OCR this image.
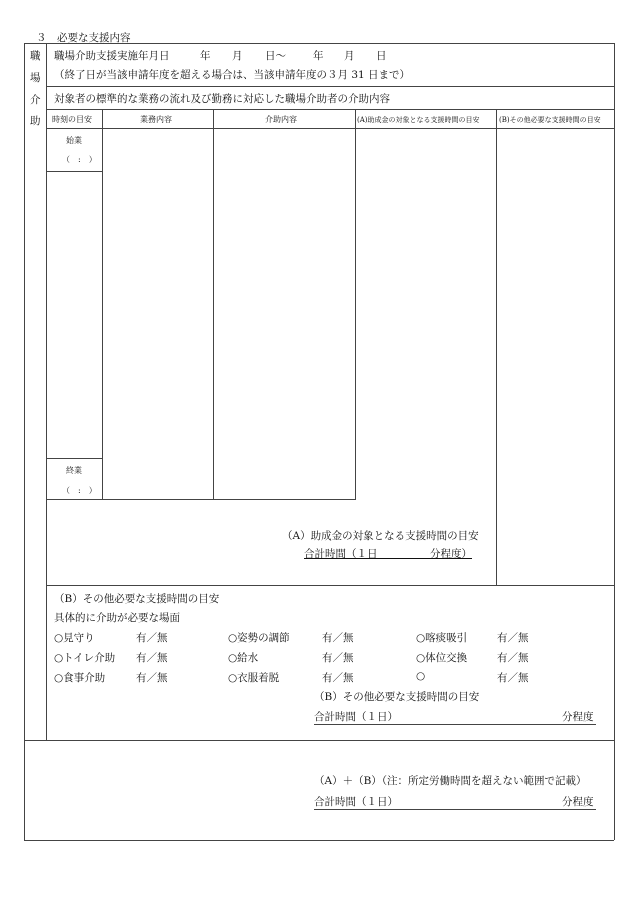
３　必要な支援内容
職
場
介
助
職場介助支援実施年月日	年 月 日〜	年 月 日
（終了日が当該申請年度を超える場合は、当該申請年度の３月 31 日まで）
対象者の標準的な業務の流れ及び勤務に対応した職場介助者の介助内容
時刻の目安	業務内容	介助内容	(A)助成金の対象となる支援時間の目安	(B)その他必要な支援時間の目安
始業
（　:　）
終業
（　:　）
（A）助成金の対象となる支援時間の目安
合計時間（１日　　　　　分程度）
（B）その他必要な支援時間の目安
具体的に介助が必要な場面
○見守り	有／無	○姿勢の調節	有／無	○喀痰吸引	有／無
○トイレ介助 有／無	○給水	有／無	○体位交換	有／無
○食事介助	有／無	○衣服着脱	有／無	○	有／無
（B）その他必要な支援時間の目安
合計時間（１日）	分程度
（A）＋（B）（注：所定労働時間を超えない範囲で記載）
合計時間（１日）	分程度
